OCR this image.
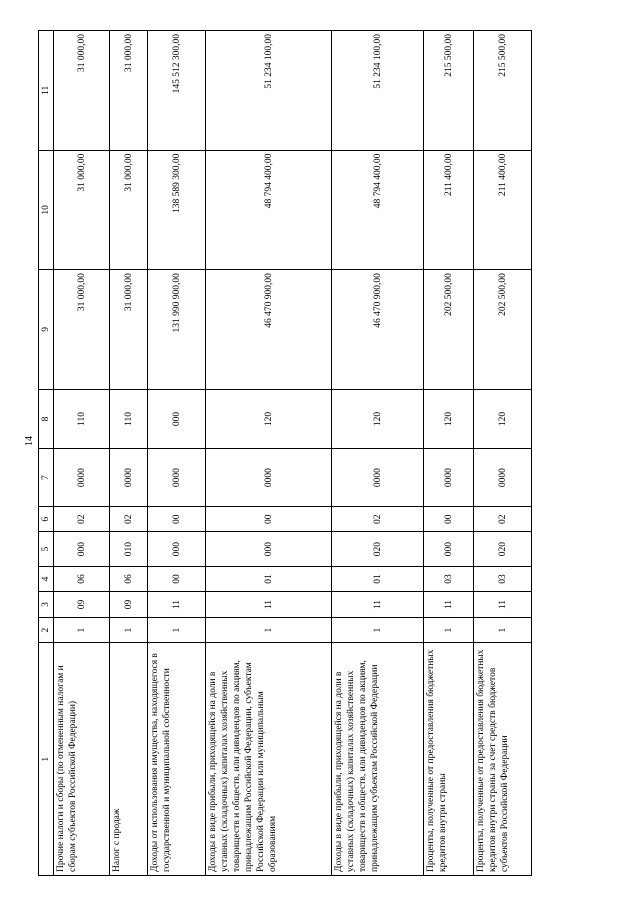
14
1	2	3	4	5	6	7	8	9	10	11
Прочие налоги и сборы (по отмененным налогам и сборам субъектов Российской Федерации)	1	09	06	000	02	0000	110	31 000,00	31 000,00	31 000,00
Налог с продаж	1	09	06	010	02	0000	110	31 000,00	31 000,00	31 000,00
Доходы от использования имущества, находящегося в государственной и муниципальной собственности	1	11	00	000	00	0000	000	131 990 900,00	138 589 300,00	145 512 300,00
Доходы в виде прибыли, приходящейся на доли в уставных (складочных) капиталах хозяйственных товариществ и обществ, или дивидендов по акциям, принадлежащим Российской Федерации, субъектам Российской Федерации или муниципальным образованиям	1	11	01	000	00	0000	120	46 470 900,00	48 794 400,00	51 234 100,00
Доходы в виде прибыли, приходящейся на доли в уставных (складочных) капиталах хозяйственных товариществ и обществ, или дивидендов по акциям, принадлежащим субъектам Российской Федерации	1	11	01	020	02	0000	120	46 470 900,00	48 794 400,00	51 234 100,00
Проценты, полученные от предоставления бюджетных кредитов внутри страны	1	11	03	000	00	0000	120	202 500,00	211 400,00	215 500,00
Проценты, полученные от предоставления бюджетных кредитов внутри страны за счет средств бюджетов субъектов Российской Федерации	1	11	03	020	02	0000	120	202 500,00	211 400,00	215 500,00
